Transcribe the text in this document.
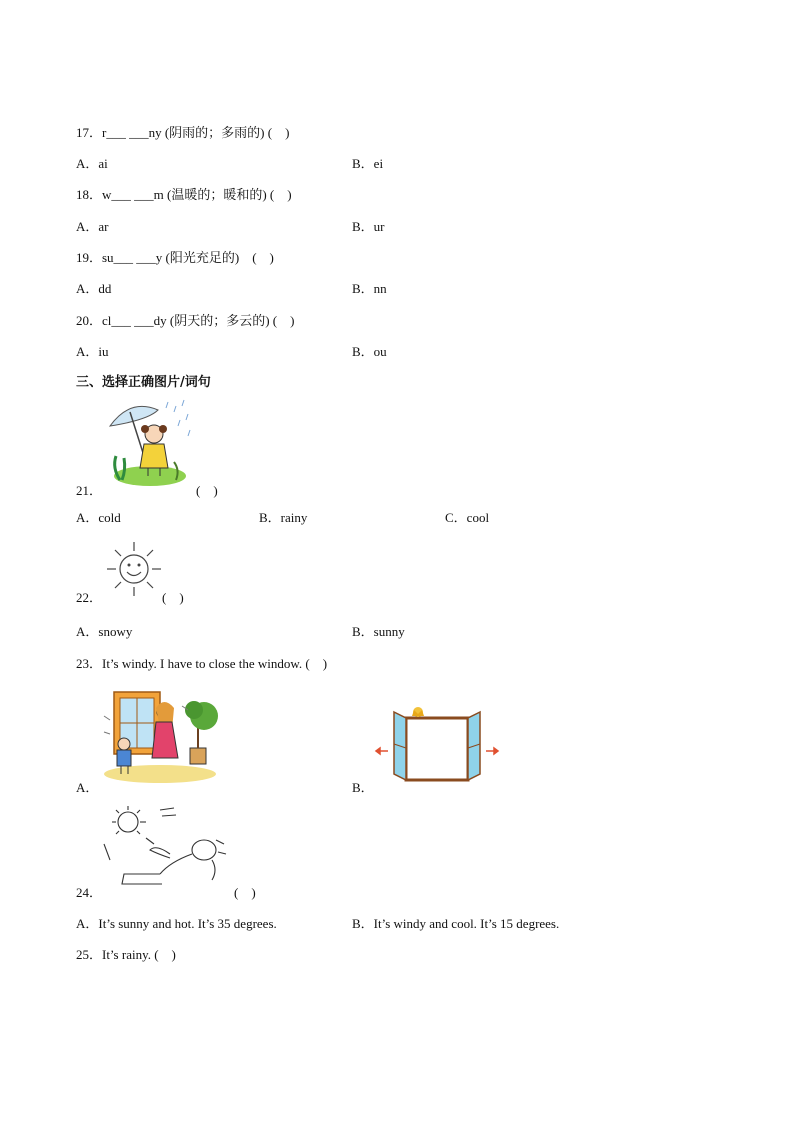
17．r___ ___ny (阴雨的；多雨的) (　)
A．ai	B．ei
18．w___ ___m (温暖的；暖和的) (　)
A．ar	B．ur
19．su___ ___y (阳光充足的)　(　)
A．dd	B．nn
20．cl___ ___dy (阴天的；多云的) (　)
A．iu	B．ou
三、选择正确图片/词句
21．	(　)
A．cold	B．rainy	C．cool
22．	(　)
A．snowy	B．sunny
23．It’s windy. I have to close the window. (　)
A．	B．
24．	(　)
A．It’s sunny and hot. It’s 35 degrees.	B．It’s windy and cool. It’s 15 degrees.
25．It’s rainy. (　)
